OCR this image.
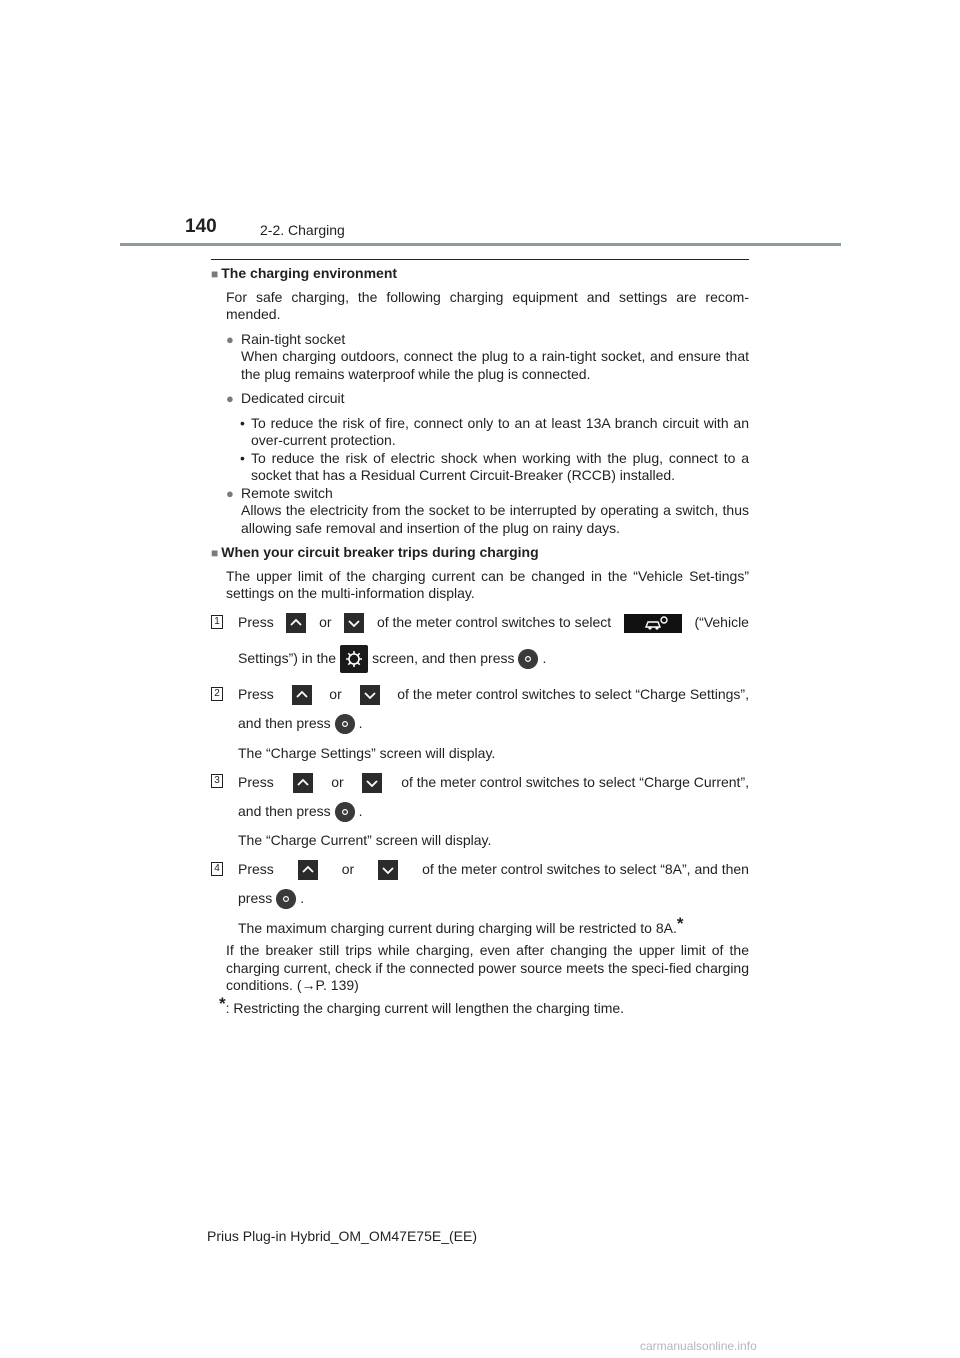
140	2-2. Charging
■ The charging environment
For safe charging, the following charging equipment and settings are recom-mended.
● Rain-tight socket
When charging outdoors, connect the plug to a rain-tight socket, and ensure that the plug remains waterproof while the plug is connected.
● Dedicated circuit
• To reduce the risk of fire, connect only to an at least 13A branch circuit with an over-current protection.
• To reduce the risk of electric shock when working with the plug, connect to a socket that has a Residual Current Circuit-Breaker (RCCB) installed.
● Remote switch
Allows the electricity from the socket to be interrupted by operating a switch, thus allowing safe removal and insertion of the plug on rainy days.
■ When your circuit breaker trips during charging
The upper limit of the charging current can be changed in the “Vehicle Set-tings” settings on the multi-information display.
1 Press	or	of the meter control switches to select	(“Vehicle
Settings”) in the	screen, and then press .
2 Press	or	of the meter control switches to select “Charge Settings”,
and then press .
The “Charge Settings” screen will display.
3 Press	or	of the meter control switches to select “Charge Current”,
and then press .
The “Charge Current” screen will display.
4 Press	or	of the meter control switches to select “8A”, and then
press .
The maximum charging current during charging will be restricted to 8A.*
If the breaker still trips while charging, even after changing the upper limit of the charging current, check if the connected power source meets the speci-fied charging conditions. (→P. 139)
*: Restricting the charging current will lengthen the charging time.
Prius Plug-in Hybrid_OM_OM47E75E_(EE)
carmanualsonline.info
